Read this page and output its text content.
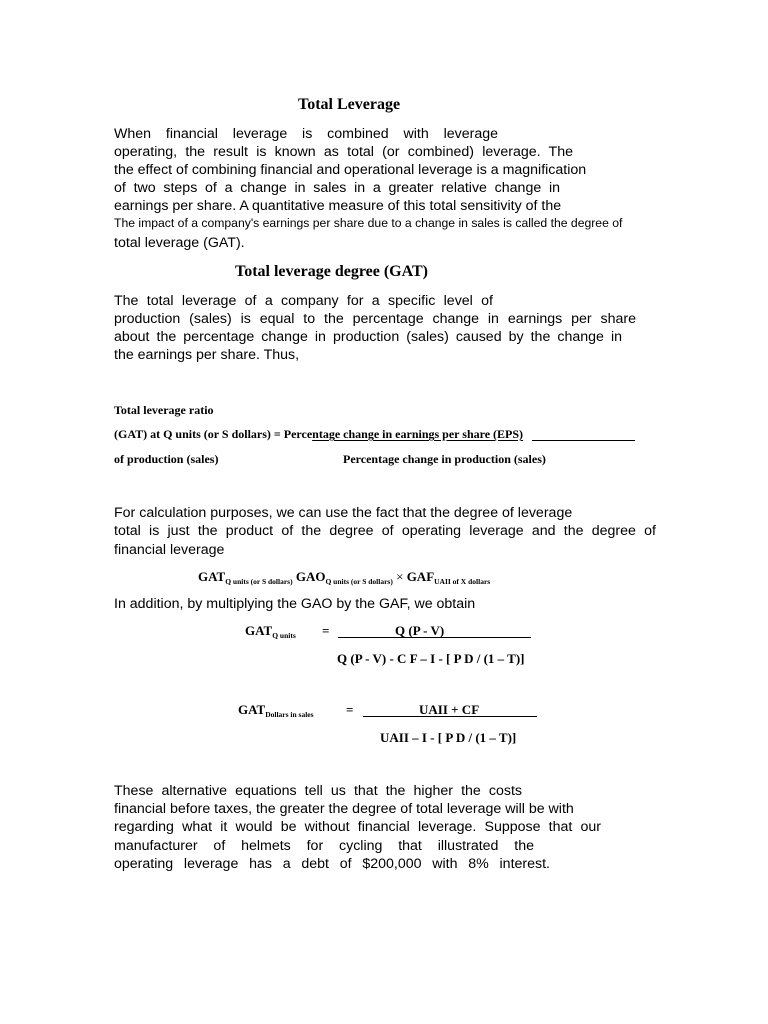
Total Leverage
When financial leverage is combined with leverage
operating, the result is known as total (or combined) leverage. The
the effect of combining financial and operational leverage is a magnification
of two steps of a change in sales in a greater relative change in
earnings per share. A quantitative measure of this total sensitivity of the
The impact of a company's earnings per share due to a change in sales is called the degree of
total leverage (GAT).
Total leverage degree (GAT)
The total leverage of a company for a specific level of
production (sales) is equal to the percentage change in earnings per share
about the percentage change in production (sales) caused by the change in
the earnings per share. Thus,
Total leverage ratio
(GAT) at Q units (or S dollars) = Percentage change in earnings per share (EPS)
of production (sales)	Percentage change in production (sales)
For calculation purposes, we can use the fact that the degree of leverage
total is just the product of the degree of operating leverage and the degree of
financial leverage
$GAT_{Q units (or S dollars)}$ $GAO_{Q units (or S dollars)} \times GAF_{UAII of X dollars}$
In addition, by multiplying the GAO by the GAF, we obtain
$GAT_{Q units}$ =	Q (P - V)
Q (P - V) - C F – I - [ P D / (1 – T)]
$GAT_{Dollars in sales}$ =	UAII + CF
UAII – I - [ P D / (1 – T)]
These alternative equations tell us that the higher the costs
financial before taxes, the greater the degree of total leverage will be with
regarding what it would be without financial leverage. Suppose that our
manufacturer of helmets for cycling that illustrated the
operating leverage has a debt of $200,000 with 8% interest.
